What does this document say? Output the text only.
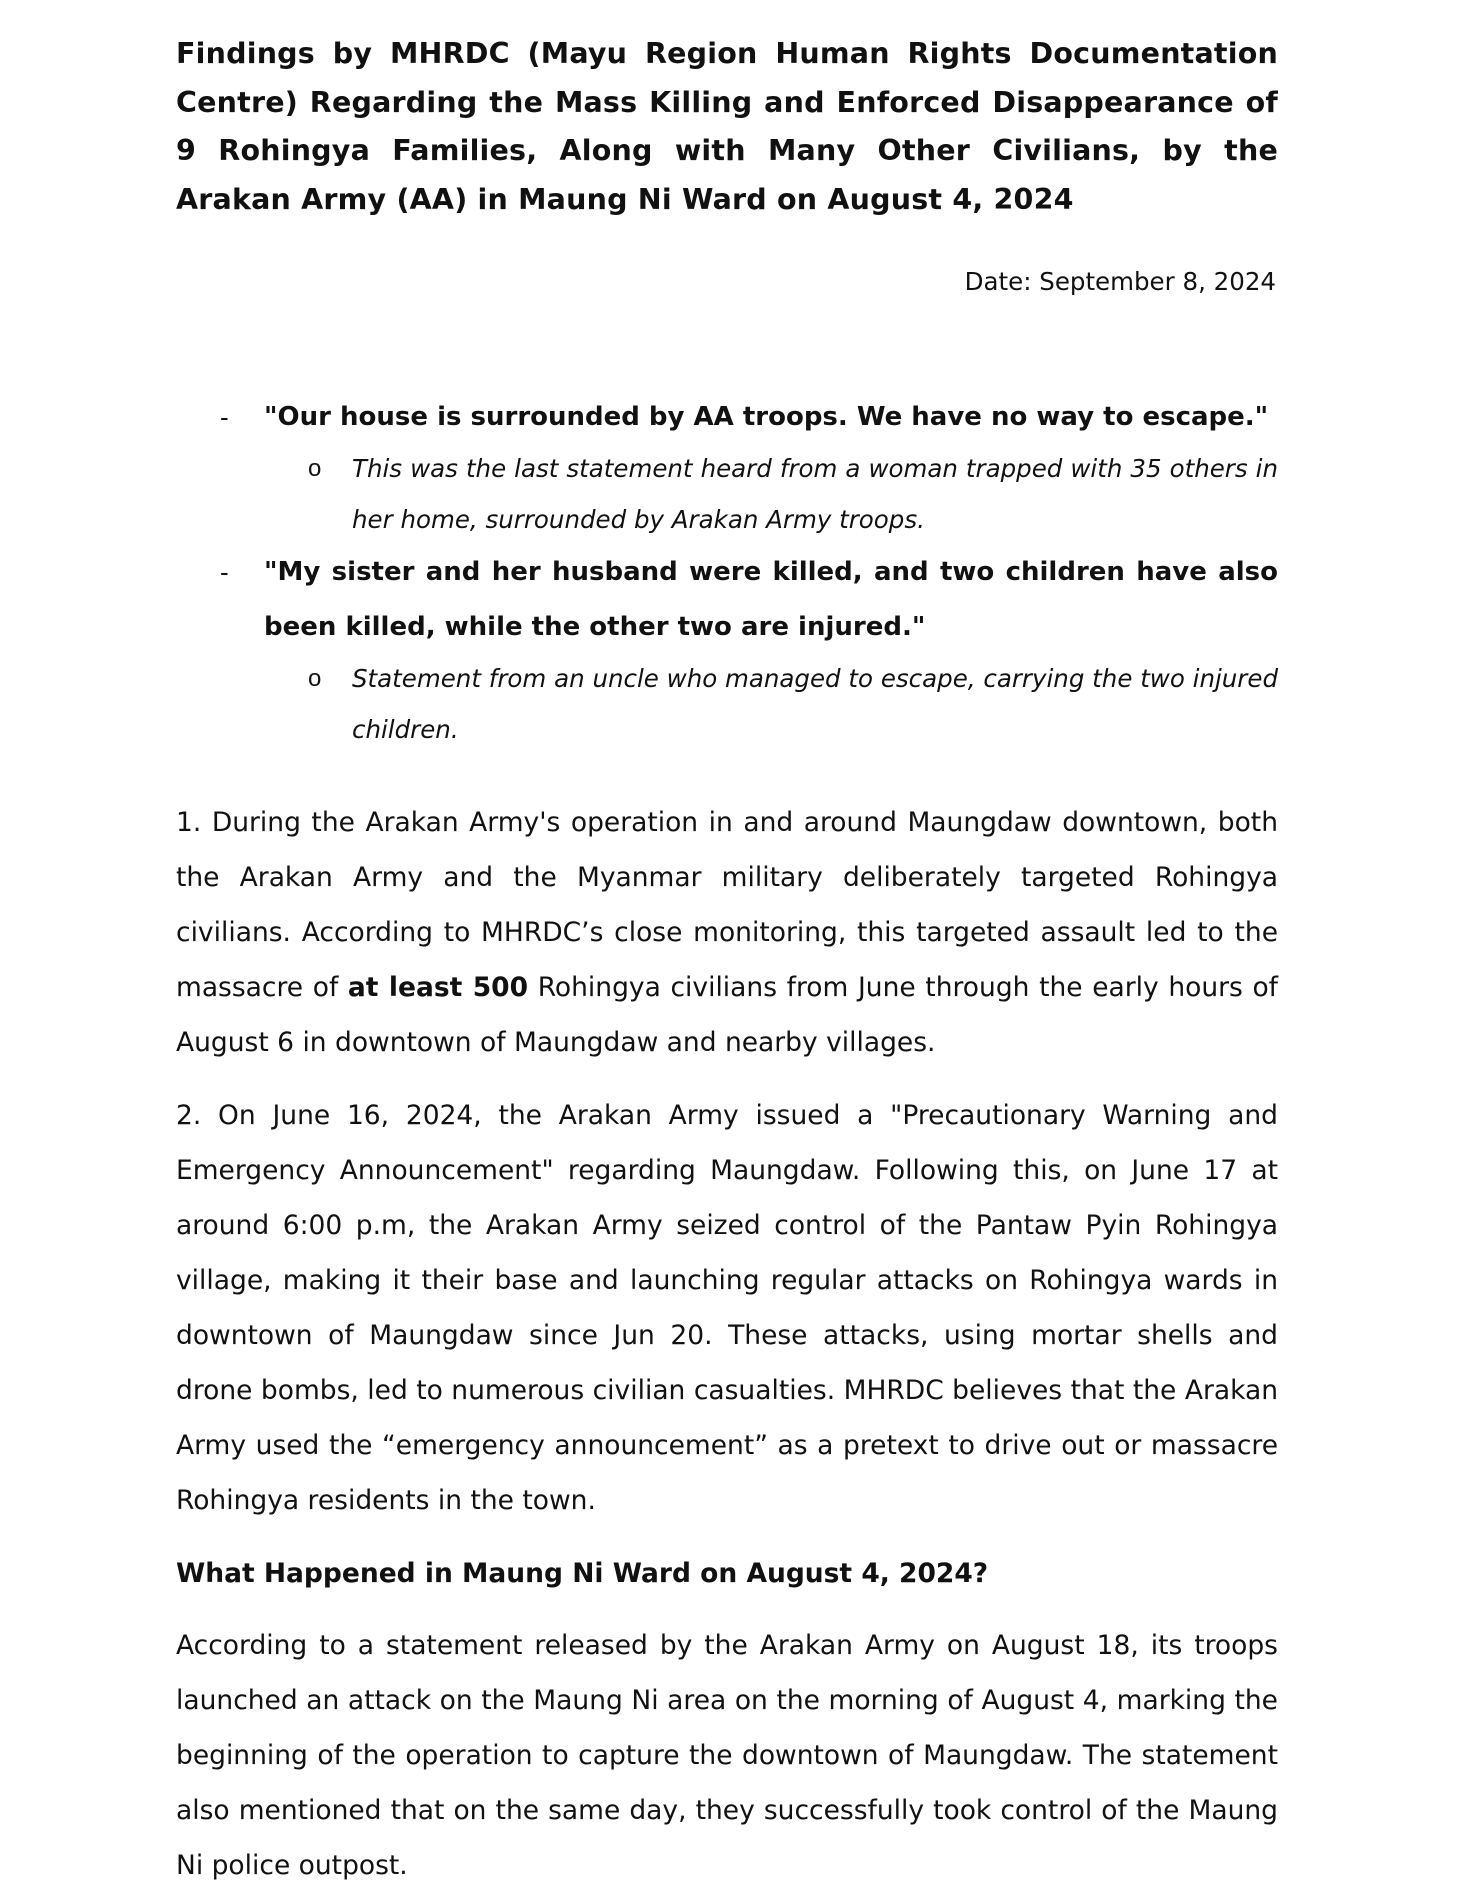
Findings by MHRDC (Mayu Region Human Rights Documentation Centre) Regarding the Mass Killing and Enforced Disappearance of 9 Rohingya Families, Along with Many Other Civilians, by the Arakan Army (AA) in Maung Ni Ward on August 4, 2024
Date: September 8, 2024
- "Our house is surrounded by AA troops. We have no way to escape."

o This was the last statement heard from a woman trapped with 35 others in her home, surrounded by Arakan Army troops.

- "My sister and her husband were killed, and two children have also been killed, while the other two are injured."

o Statement from an uncle who managed to escape, carrying the two injured children.

1. During the Arakan Army's operation in and around Maungdaw downtown, both the Arakan Army and the Myanmar military deliberately targeted Rohingya civilians. According to MHRDC’s close monitoring, this targeted assault led to the massacre of at least 500 Rohingya civilians from June through the early hours of August 6 in downtown of Maungdaw and nearby villages.

2. On June 16, 2024, the Arakan Army issued a "Precautionary Warning and Emergency Announcement" regarding Maungdaw. Following this, on June 17 at around 6:00 p.m, the Arakan Army seized control of the Pantaw Pyin Rohingya village, making it their base and launching regular attacks on Rohingya wards in downtown of Maungdaw since Jun 20. These attacks, using mortar shells and drone bombs, led to numerous civilian casualties. MHRDC believes that the Arakan Army used the “emergency announcement” as a pretext to drive out or massacre Rohingya residents in the town.

What Happened in Maung Ni Ward on August 4, 2024?

According to a statement released by the Arakan Army on August 18, its troops launched an attack on the Maung Ni area on the morning of August 4, marking the beginning of the operation to capture the downtown of Maungdaw. The statement also mentioned that on the same day, they successfully took control of the Maung Ni police outpost.
